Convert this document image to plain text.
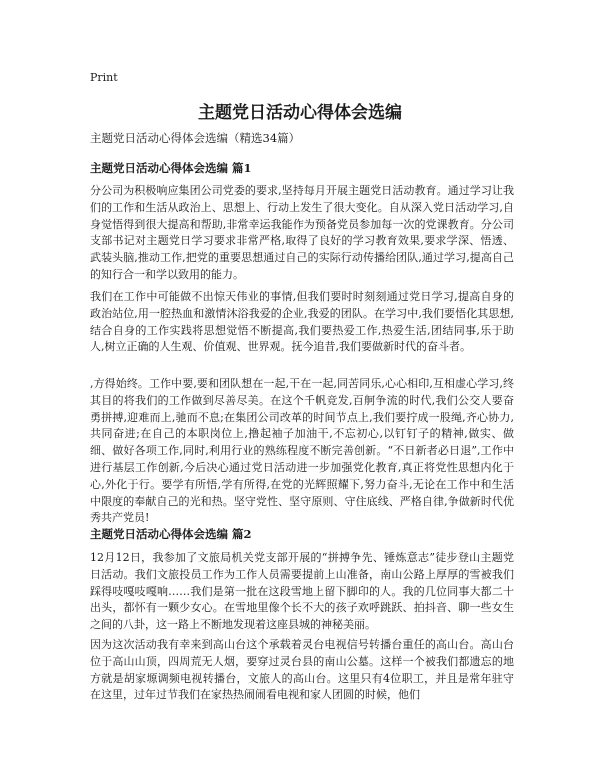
Print
主题党日活动心得体会选编

主题党日活动心得体会选编（精选34篇）

主题党日活动心得体会选编 篇1

分公司为积极响应集团公司党委的要求,坚持每月开展主题党日活动教育。通过学习让我们的工作和生活从政治上、思想上、行动上发生了很大变化。自从深入党日活动学习,自身觉悟得到很大提高和帮助,非常幸运我能作为预备党员参加每一次的党课教育。分公司支部书记对主题党日学习要求非常严格,取得了良好的学习教育效果,要求学深、悟透、武装头脑,推动工作,把党的重要思想通过自己的实际行动传播给团队,通过学习,提高自己的知行合一和学以致用的能力。

我们在工作中可能做不出惊天伟业的事情,但我们要时时刻刻通过党日学习,提高自身的政治站位,用一腔热血和激情沐浴我爱的企业,我爱的团队。在学习中,我们要悟化其思想,结合自身的工作实践将思想觉悟不断提高,我们要热爱工作,热爱生活,团结同事,乐于助人,树立正确的人生观、价值观、世界观。抚今追昔,我们要做新时代的奋斗者。

,方得始终。工作中要,要和团队想在一起,干在一起,同苦同乐,心心相印,互相虚心学习,终其目的将我们的工作做到尽善尽美。在这个千帆竞发,百舸争流的时代,我们公交人要奋勇拼搏,迎难而上,驰而不息;在集团公司改革的时间节点上,我们要拧成一股绳,齐心协力,共同奋进;在自己的本职岗位上,撸起袖子加油干,不忘初心,以钉钉子的精神,做实、做细、做好各项工作,同时,利用行业的熟练程度不断完善创新。“不日新者必日退”,工作中进行基层工作创新,今后决心通过党日活动进一步加强党化教育,真正将党性思想内化于心,外化于行。要学有所悟,学有所得,在党的光辉照耀下,努力奋斗,无论在工作中和生活中限度的奉献自己的光和热。坚守党性、坚守原则、守住底线、严格自律,争做新时代优秀共产党员!

主题党日活动心得体会选编 篇2

12月12日，我参加了文旅局机关党支部开展的“拼搏争先、锤炼意志”徒步登山主题党日活动。我们文旅投员工作为工作人员需要提前上山准备，南山公路上厚厚的雪被我们踩得吱嘎吱嘎响……我们是第一批在这段雪地上留下脚印的人。我的几位同事大都二十出头，都怀有一颗少女心。在雪地里像个长不大的孩子欢呼跳跃、拍抖音、聊一些女生之间的八卦，这一路上不断地发现着这座县城的神秘美丽。

因为这次活动我有幸来到高山台这个承载着灵台电视信号转播台重任的高山台。高山台位于高山山顶，四周荒无人烟，要穿过灵台县的南山公墓。这样一个被我们都遗忘的地方就是胡家塬调频电视转播台，文旅人的高山台。这里只有4位职工，并且是常年驻守在这里，过年过节我们在家热热闹闹看电视和家人团圆的时候，他们
